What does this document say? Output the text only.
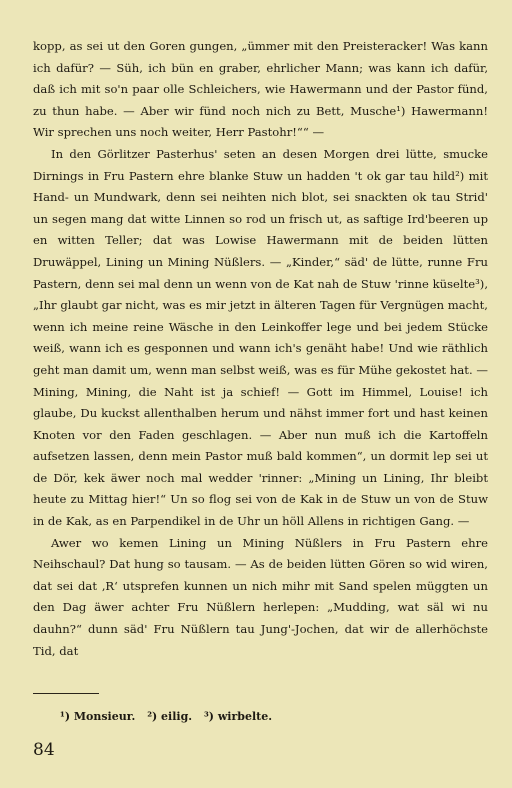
kopp, as sei ut den Goren gungen, „ümmer mit den Preisteracker! Was kann ich dafür? — Süh, ich bün en graber, ehrlicher Mann; was kann ich dafür, daß ich mit so'n paar olle Schleichers, wie Hawermann und der Pastor fünd, zu thun habe. — Aber wir fünd noch nich zu Bett, Musche¹) Hawermann! Wir sprechen uns noch weiter, Herr Pastohr!““ —

In den Görlitzer Pasterhus' seten an desen Morgen drei lütte, smucke Dirnings in Fru Pastern ehre blanke Stuw un hadden 't ok gar tau hild²) mit Hand- un Mundwark, denn sei neihten nich blot, sei snackten ok tau Strid' un segen mang dat witte Linnen so rod un frisch ut, as saftige Ird'beeren up en witten Teller; dat was Lowise Hawermann mit de beiden lütten Druwäppel, Lining un Mining Nüßlers. — „Kinder,“ säd' de lütte, runne Fru Pastern, denn sei mal denn un wenn von de Kat nah de Stuw 'rinne küselte³), „Ihr glaubt gar nicht, was es mir jetzt in älteren Tagen für Vergnügen macht, wenn ich meine reine Wäsche in den Leinkoffer lege und bei jedem Stücke weiß, wann ich es gesponnen und wann ich's genäht habe! Und wie räthlich geht man damit um, wenn man selbst weiß, was es für Mühe gekostet hat. — Mining, Mining, die Naht ist ja schief! — Gott im Himmel, Louise! ich glaube, Du kuckst allenthalben herum und nähst immer fort und hast keinen Knoten vor den Faden geschlagen. — Aber nun muß ich die Kartoffeln aufsetzen lassen, denn mein Pastor muß bald kommen“, un dormit lep sei ut de Dör, kek äwer noch mal wedder 'rinner: „Mining un Lining, Ihr bleibt heute zu Mittag hier!“ Un so flog sei von de Kak in de Stuw un von de Stuw in de Kak, as en Parpendikel in de Uhr un höll Allens in richtigen Gang. —

Awer wo kemen Lining un Mining Nüßlers in Fru Pastern ehre Neihschaul? Dat hung so tausam. — As de beiden lütten Gören so wid wiren, dat sei dat ‚R‘ utsprefen kunnen un nich mihr mit Sand spelen müggten un den Dag äwer achter Fru Nüßlern herlepen: „Mudding, wat säl wi nu dauhn?“ dunn säd' Fru Nüßlern tau Jung'-Jochen, dat wir de allerhöchste Tid, dat

¹) Monsieur. ²) eilig. ³) wirbelte.
84
